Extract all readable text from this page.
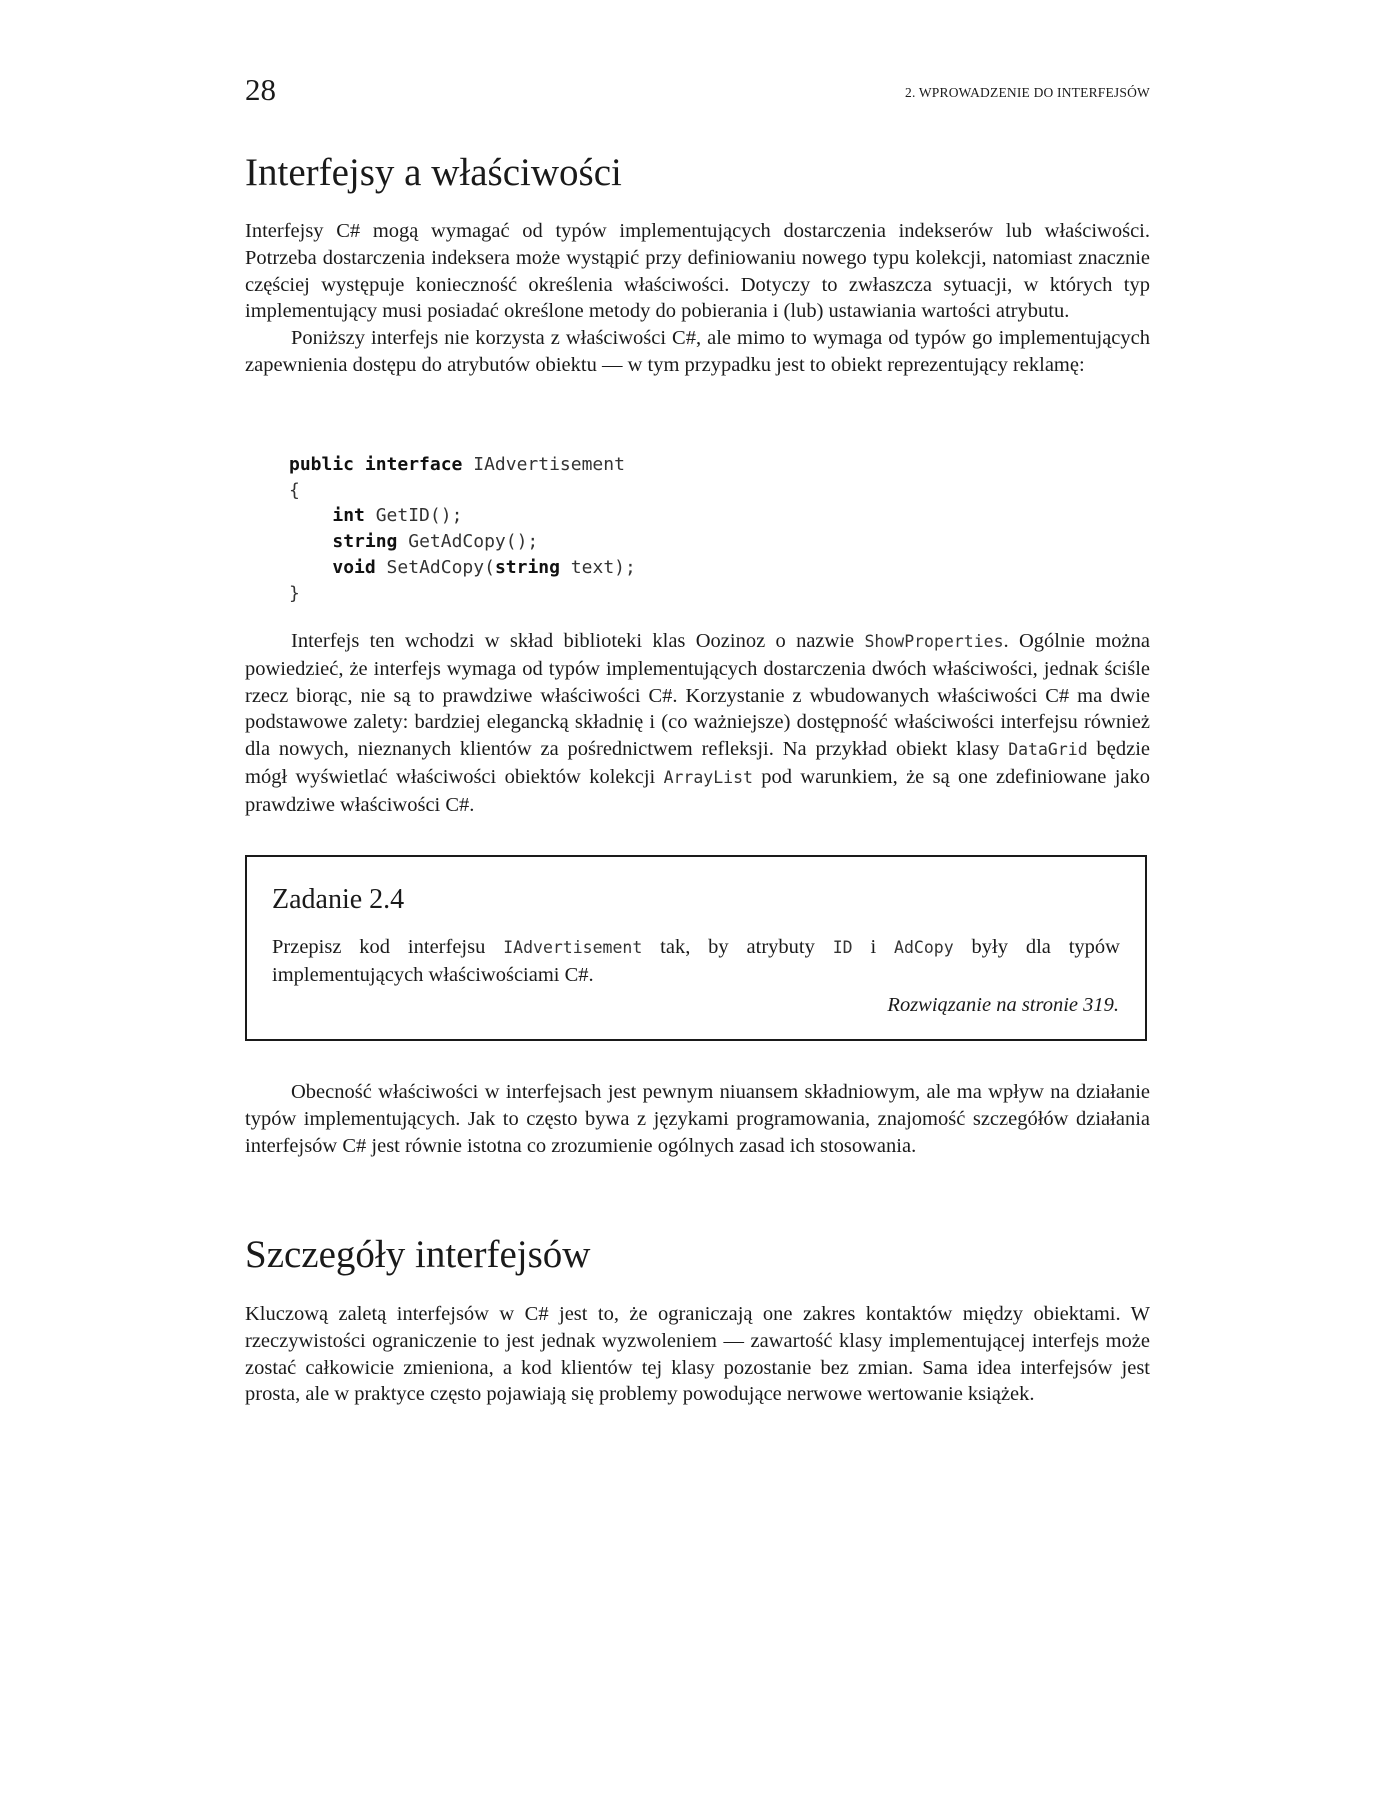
28	2. WPROWADZENIE DO INTERFEJSÓW
Interfejsy a właściwości

Interfejsy C# mogą wymagać od typów implementujących dostarczenia indekserów lub właściwości. Potrzeba dostarczenia indeksera może wystąpić przy definiowaniu nowego typu kolekcji, natomiast znacznie częściej występuje konieczność określenia właściwości. Dotyczy to zwłaszcza sytuacji, w których typ implementujący musi posiadać określone metody do pobierania i (lub) ustawiania wartości atrybutu.

Poniższy interfejs nie korzysta z właściwości C#, ale mimo to wymaga od typów go implementujących zapewnienia dostępu do atrybutów obiektu — w tym przypadku jest to obiekt reprezentujący reklamę:

public interface IAdvertisement
{
int GetID();
string GetAdCopy();
void SetAdCopy(string text);
}

Interfejs ten wchodzi w skład biblioteki klas Oozinoz o nazwie ShowProperties. Ogólnie można powiedzieć, że interfejs wymaga od typów implementujących dostarczenia dwóch właściwości, jednak ściśle rzecz biorąc, nie są to prawdziwe właściwości C#. Korzystanie z wbudowanych właściwości C# ma dwie podstawowe zalety: bardziej elegancką składnię i (co ważniejsze) dostępność właściwości interfejsu również dla nowych, nieznanych klientów za pośrednictwem refleksji. Na przykład obiekt klasy DataGrid będzie mógł wyświetlać właściwości obiektów kolekcji ArrayList pod warunkiem, że są one zdefiniowane jako prawdziwe właściwości C#.

Zadanie 2.4

Przepisz kod interfejsu IAdvertisement tak, by atrybuty ID i AdCopy były dla typów implementujących właściwościami C#.

Rozwiązanie na stronie 319.

Obecność właściwości w interfejsach jest pewnym niuansem składniowym, ale ma wpływ na działanie typów implementujących. Jak to często bywa z językami programowania, znajomość szczegółów działania interfejsów C# jest równie istotna co zrozumienie ogólnych zasad ich stosowania.

Szczegóły interfejsów

Kluczową zaletą interfejsów w C# jest to, że ograniczają one zakres kontaktów między obiektami. W rzeczywistości ograniczenie to jest jednak wyzwoleniem — zawartość klasy implementującej interfejs może zostać całkowicie zmieniona, a kod klientów tej klasy pozostanie bez zmian. Sama idea interfejsów jest prosta, ale w praktyce często pojawiają się problemy powodujące nerwowe wertowanie książek.
